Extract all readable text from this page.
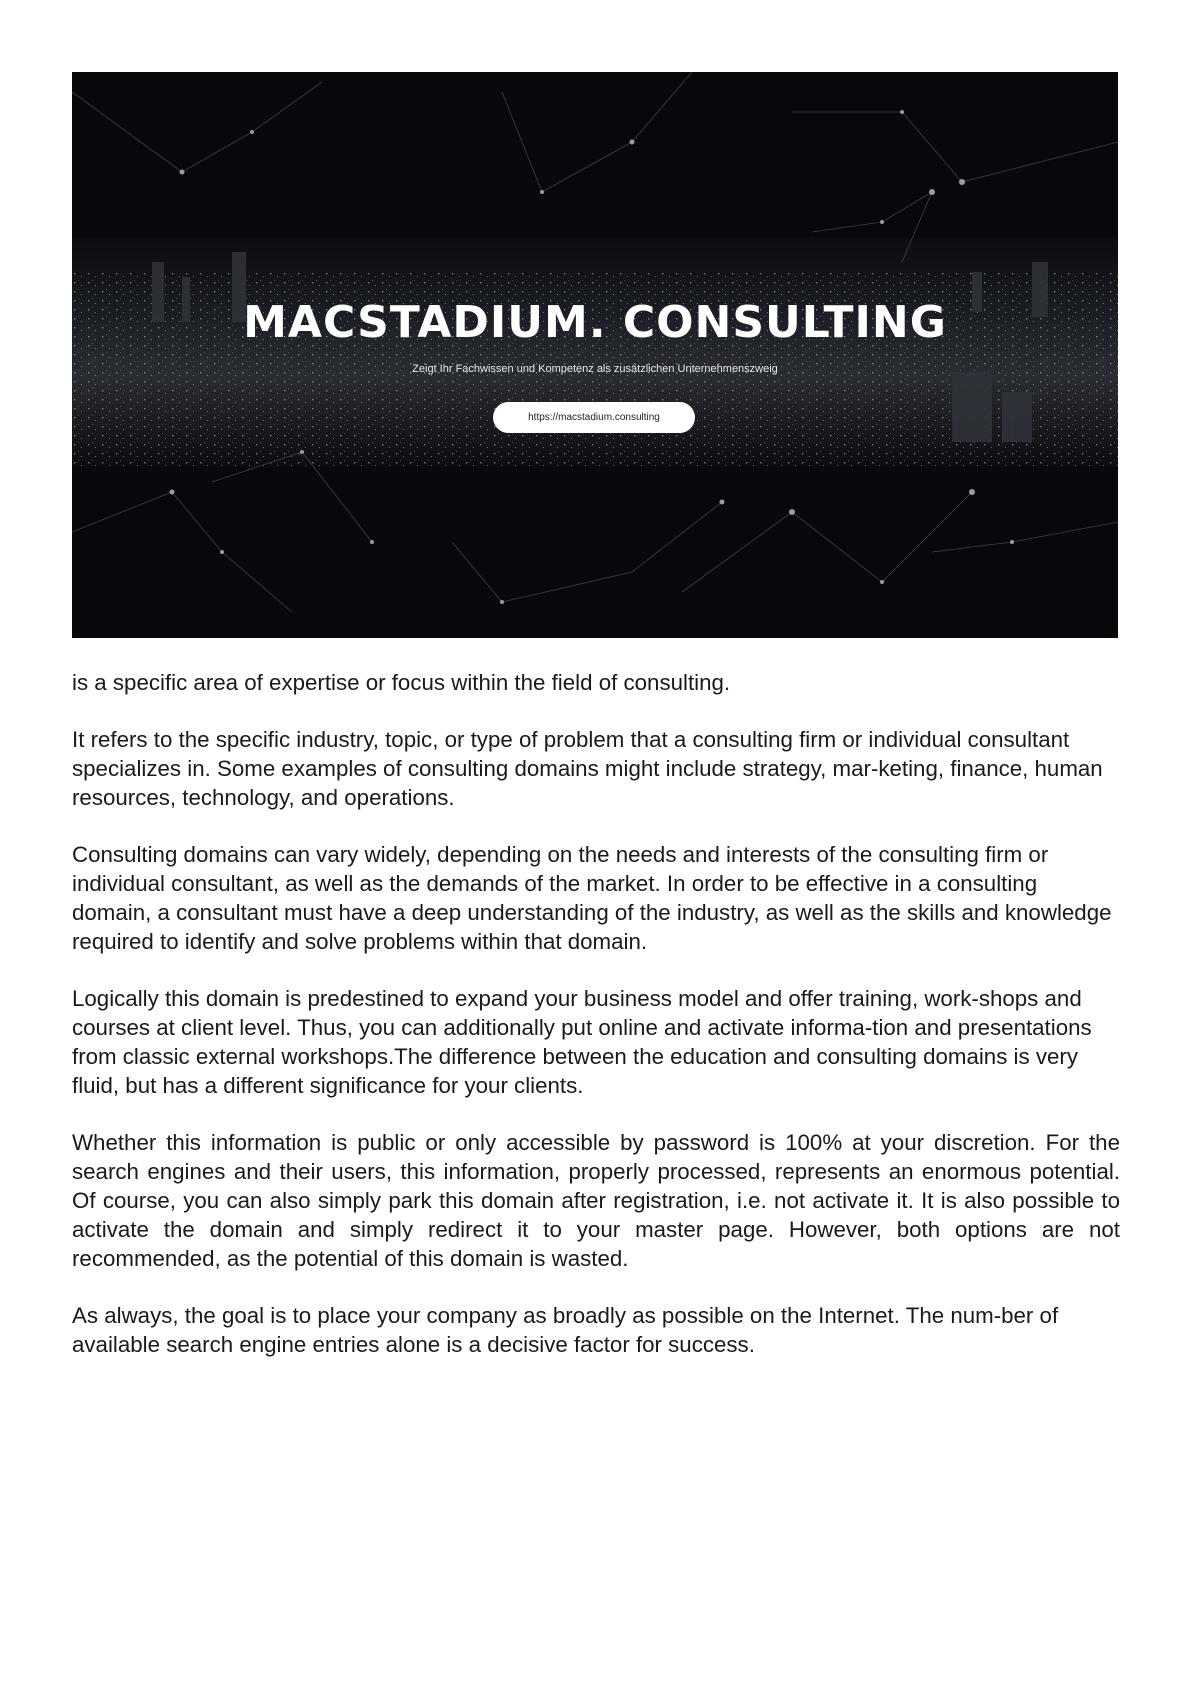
MACSTADIUM. CONSULTING
Zeigt Ihr Fachwissen und Kompetenz als zusätzlichen Unternehmenszweig
https://macstadium.consulting

is a specific area of expertise or focus within the field of consulting.

It refers to the specific industry, topic, or type of problem that a consulting firm or individual consultant specializes in. Some examples of consulting domains might include strategy, mar-keting, finance, human resources, technology, and operations.

Consulting domains can vary widely, depending on the needs and interests of the consulting firm or individual consultant, as well as the demands of the market. In order to be effective in a consulting domain, a consultant must have a deep understanding of the industry, as well as the skills and knowledge required to identify and solve problems within that domain.

Logically this domain is predestined to expand your business model and offer training, work-shops and courses at client level. Thus, you can additionally put online and activate informa-tion and presentations from classic external workshops.The difference between the education and consulting domains is very fluid, but has a different significance for your clients.

Whether this information is public or only accessible by password is 100% at your discretion. For the search engines and their users, this information, properly processed, represents an enormous potential. Of course, you can also simply park this domain after registration, i.e. not activate it. It is also possible to activate the domain and simply redirect it to your master page. However, both options are not recommended, as the potential of this domain is wasted.

As always, the goal is to place your company as broadly as possible on the Internet. The num-ber of available search engine entries alone is a decisive factor for success.
